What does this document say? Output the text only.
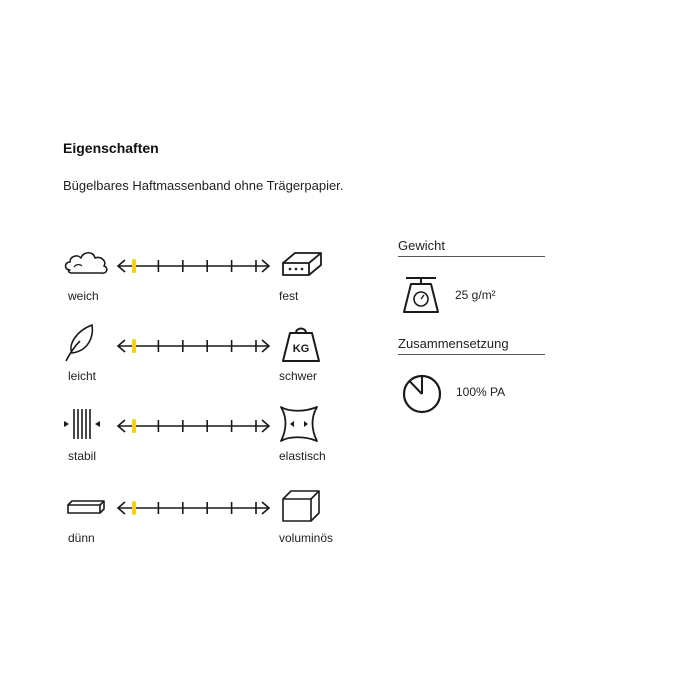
Eigenschaften
Bügelbares Haftmassenband ohne Trägerpapier.
weich	fest
KG
leicht	schwer
stabil	elastisch
dünn	voluminös
Gewicht
25 g/m²
Zusammensetzung
100% PA
